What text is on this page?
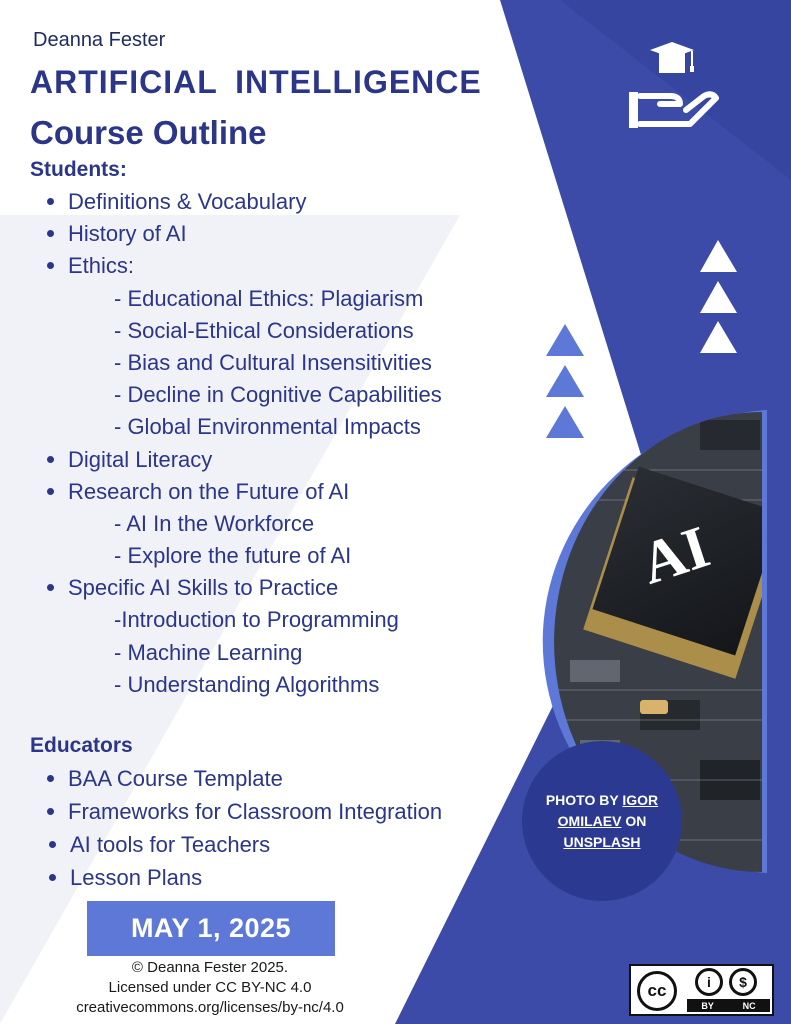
AI
Deanna Fester
ARTIFICIAL INTELLIGENCE
Course Outline
Students:
Definitions & Vocabulary
History of AI
Ethics:
- Educational Ethics: Plagiarism
- Social-Ethical Considerations
- Bias and Cultural Insensitivities
- Decline in Cognitive Capabilities
- Global Environmental Impacts
Digital Literacy
Research on the Future of AI
- AI In the Workforce
- Explore the future of AI
Specific AI Skills to Practice
-Introduction to Programming
- Machine Learning
- Understanding Algorithms
Educators
BAA Course Template
Frameworks for Classroom Integration
AI tools for Teachers
Lesson Plans
MAY 1, 2025
© Deanna Fester 2025.
Licensed under CC BY-NC 4.0
creativecommons.org/licenses/by-nc/4.0
PHOTO BY IGOR
OMILAEV ON UNSPLASH
cc	i	$
BY	NC
